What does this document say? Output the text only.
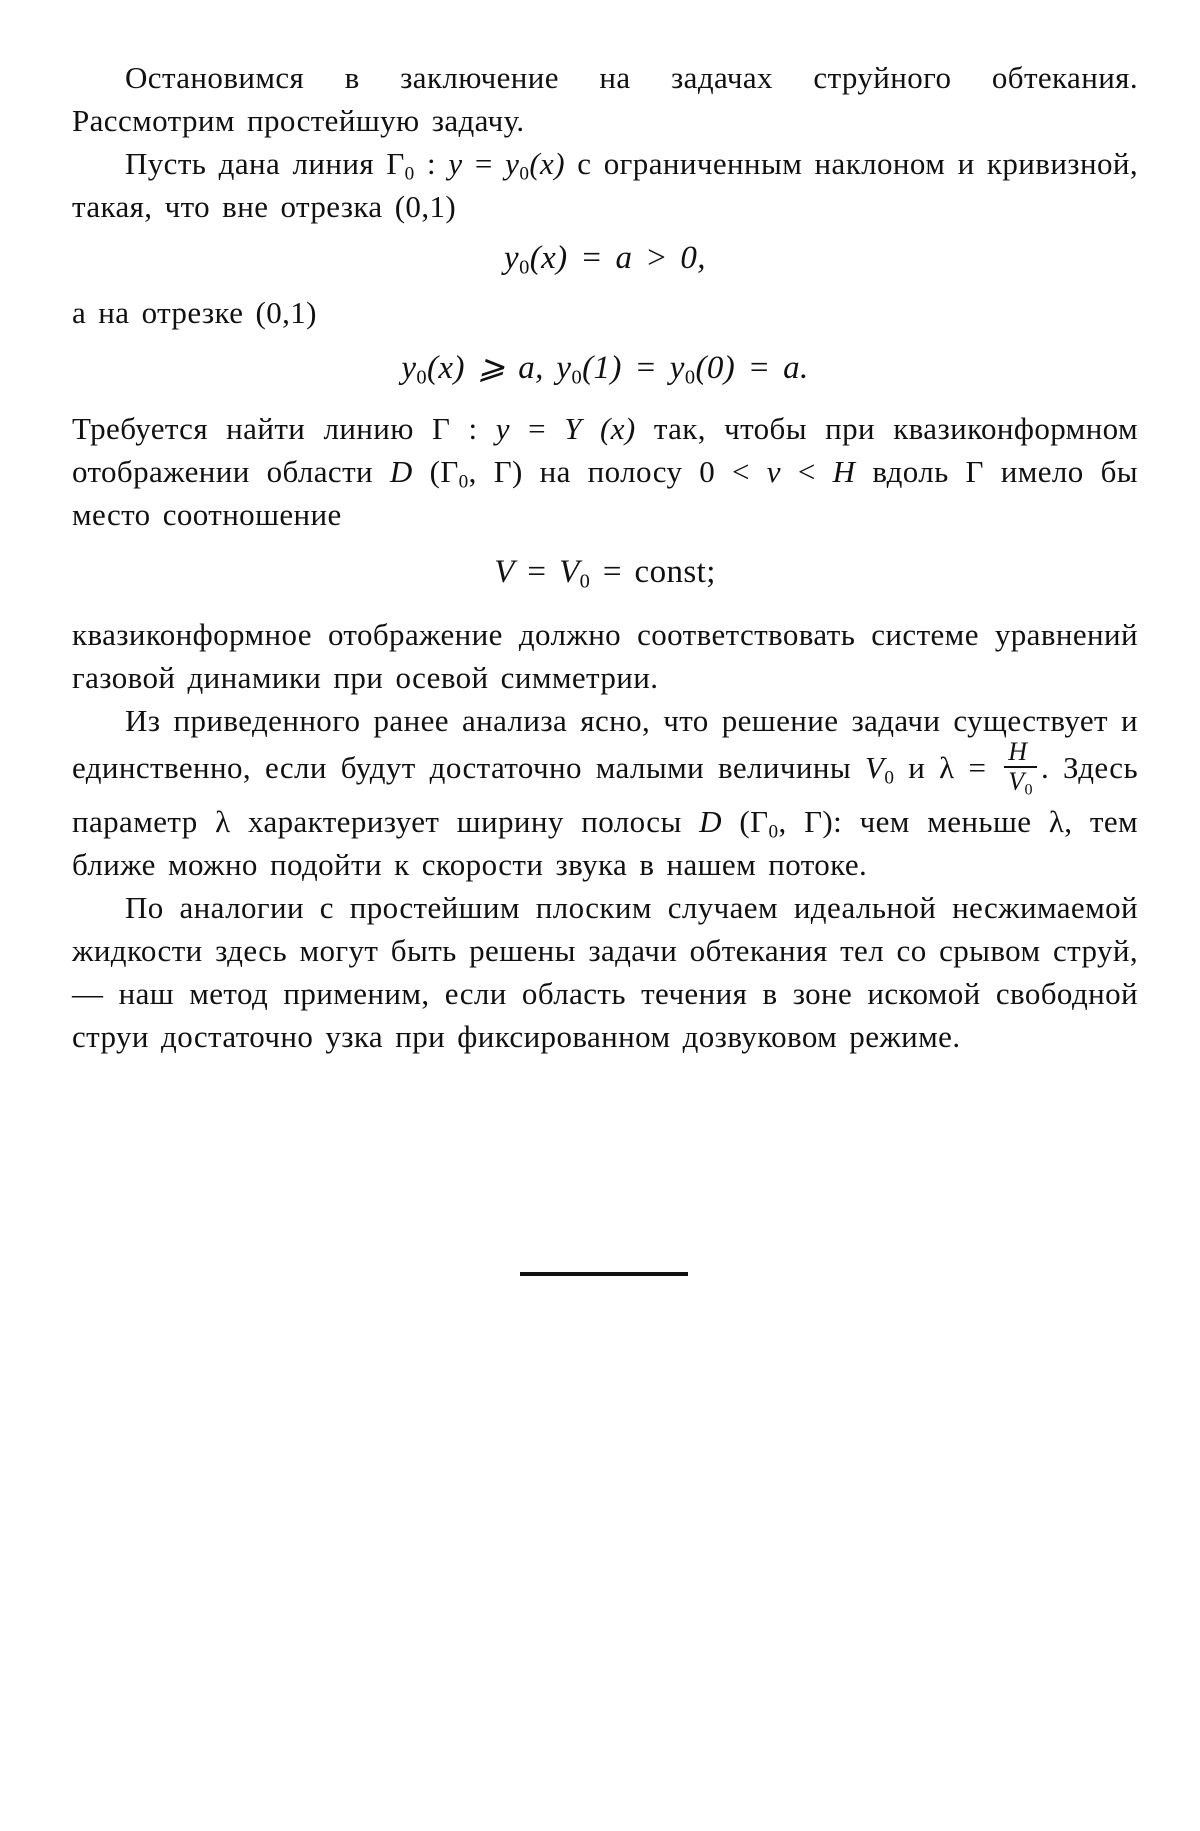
Остановимся в заключение на задачах струйного обтекания. Рассмотрим простейшую задачу.

Пусть дана линия $Г_0$ : $y = y_0(x)$ с ограниченным наклоном и кривизной, такая, что вне отрезка (0,1)

$y_0(x) = a > 0$,

а на отрезке (0,1)

$y_0(x)$ ⩾ a, $y_0(1) = y_0(0) = a$.

Требуется найти линию Г : y = Y (x) так, чтобы при квазиконформном отображении области D ($Г_0$, Г) на полосу 0 < v < H вдоль Г имело бы место соотношение

$V = V_0$ = const;

квазиконформное отображение должно соответствовать системе уравнений газовой динамики при осевой симметрии.

Из приведенного ранее анализа ясно, что решение задачи существует и единственно, если будут достаточно малыми величины $V_0$ и $\lambda = \frac{H}{V_0}$ . Здесь параметр λ характеризует ширину полосы D ($Г_0$, Г): чем меньше λ, тем ближе можно подойти к скорости звука в нашем потоке.

По аналогии с простейшим плоским случаем идеальной несжимаемой жидкости здесь могут быть решены задачи обтекания тел со срывом струй, — наш метод применим, если область течения в зоне искомой свободной струи достаточно узка при фиксированном дозвуковом режиме.
